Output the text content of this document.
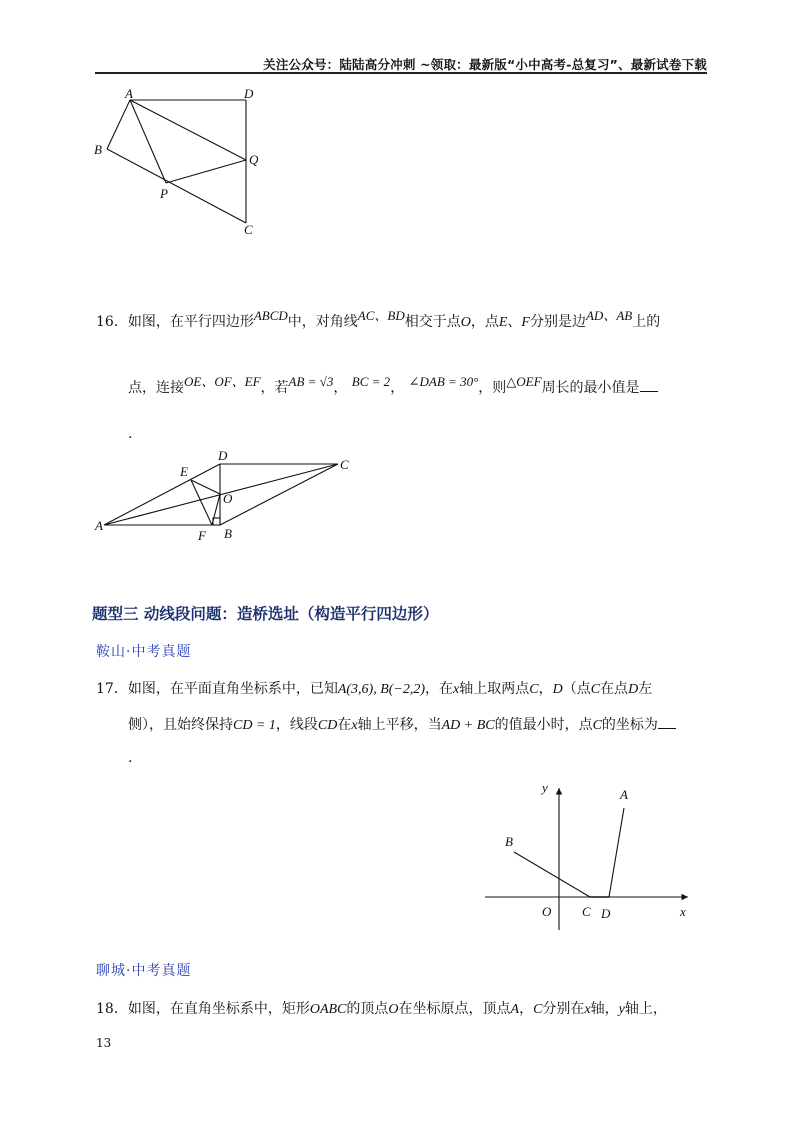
关注公众号：陆陆高分冲刺 ~领取：最新版“小中高考-总复习”、最新试卷下载
A	D
B
Q
P
C
16．如图，在平行四边形ABCD中，对角线AC、BD相交于点O，点E、F分别是边AD、AB上的
点，连接OE、OF、EF，若AB = √3， BC = 2， ∠DAB = 30°，则△OEF周长的最小值是
.
D
C
E
O
A
F B
题型三 动线段问题：造桥选址（构造平行四边形）
鞍山·中考真题
17．如图，在平面直角坐标系中，已知A(3,6), B(−2,2)，在x轴上取两点C，D（点C在点D左
侧），且始终保持CD = 1，线段CD在x轴上平移，当AD + BC的值最小时，点C的坐标为
.
y	A
B
O C D	x
聊城·中考真题
18．如图，在直角坐标系中，矩形OABC的顶点O在坐标原点，顶点A，C分别在x轴，y轴上，
13
